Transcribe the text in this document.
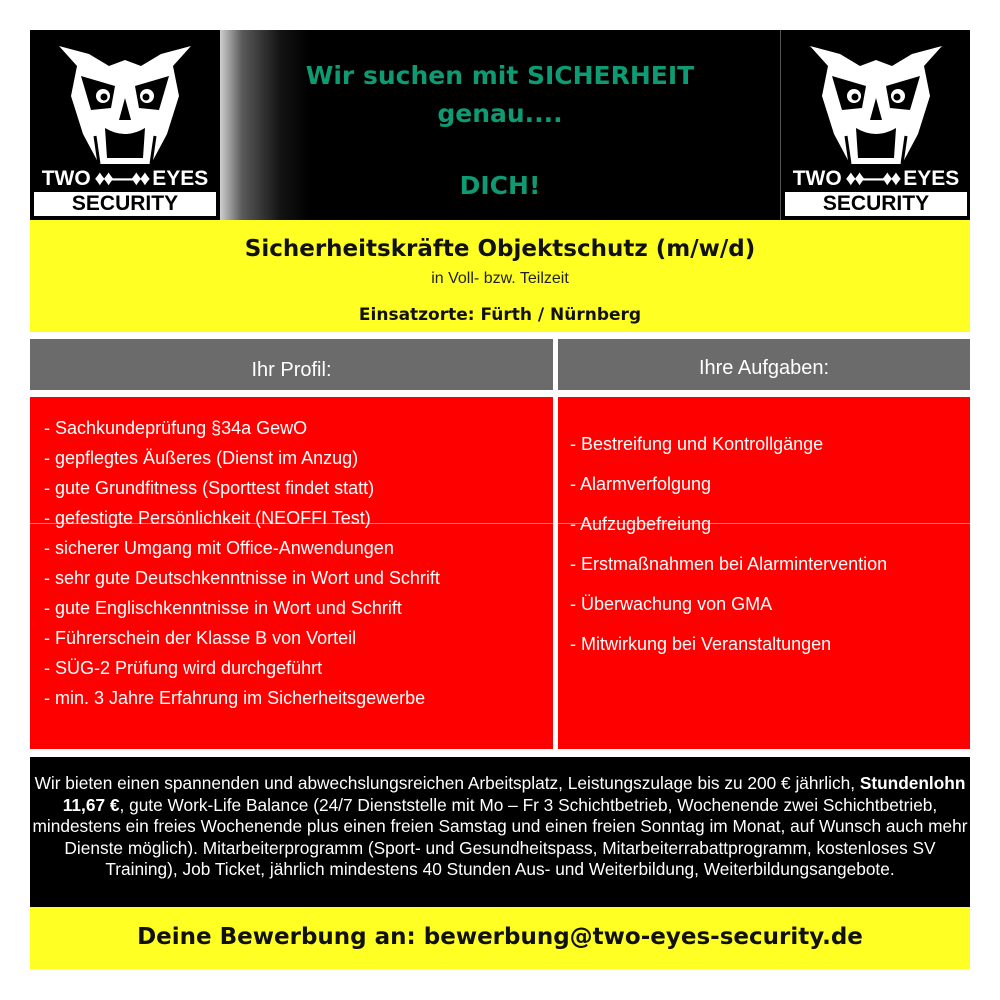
TWO ♦♦—♦♦ EYES
SECURITY
Wir suchen mit SICHERHEIT
genau....
DICH!	TWO ♦♦—♦♦ EYES
SECURITY
Sicherheitskräfte Objektschutz (m/w/d)
in Voll- bzw. Teilzeit
Einsatzorte: Fürth / Nürnberg
Ihr Profil:	Ihre Aufgaben:
- Sachkundeprüfung §34a GewO
- gepflegtes Äußeres (Dienst im Anzug)
- gute Grundfitness (Sporttest findet statt)
- gefestigte Persönlichkeit (NEOFFI Test)
- sicherer Umgang mit Office-Anwendungen
- sehr gute Deutschkenntnisse in Wort und Schrift
- gute Englischkenntnisse in Wort und Schrift
- Führerschein der Klasse B von Vorteil
- SÜG-2 Prüfung wird durchgeführt
- min. 3 Jahre Erfahrung im Sicherheitsgewerbe
- Bestreifung und Kontrollgänge
- Alarmverfolgung
- Aufzugbefreiung
- Erstmaßnahmen bei Alarmintervention
- Überwachung von GMA
- Mitwirkung bei Veranstaltungen
Wir bieten einen spannenden und abwechslungsreichen Arbeitsplatz, Leistungszulage bis zu 200 € jährlich, Stundenlohn 11,67 €, gute Work-Life Balance (24/7 Dienststelle mit Mo – Fr 3 Schichtbetrieb, Wochenende zwei Schichtbetrieb, mindestens ein freies Wochenende plus einen freien Samstag und einen freien Sonntag im Monat, auf Wunsch auch mehr Dienste möglich). Mitarbeiterprogramm (Sport- und Gesundheitspass, Mitarbeiterrabattprogramm, kostenloses SV Training), Job Ticket, jährlich mindestens 40 Stunden Aus- und Weiterbildung, Weiterbildungsangebote.
Deine Bewerbung an: bewerbung@two-eyes-security.de
